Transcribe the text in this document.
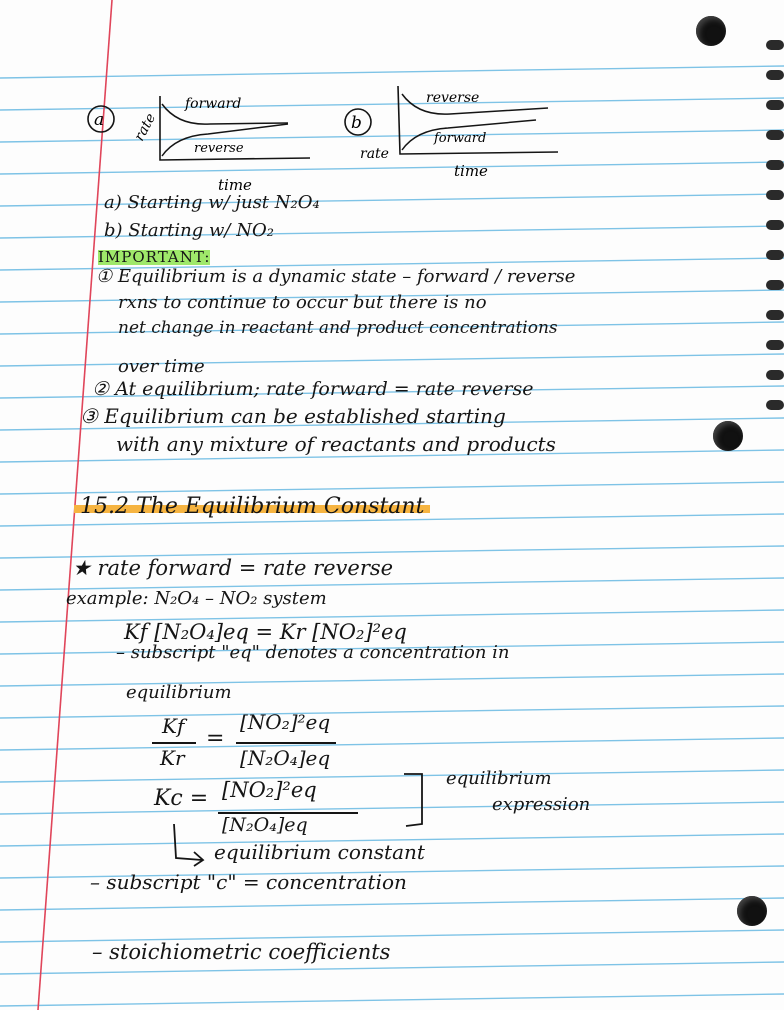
a rate
forward
reverse
time
b
rate
reverse
forward
time
a) Starting w/ just N₂O₄
b) Starting w/ NO₂
IMPORTANT:
① Equilibrium is a dynamic state – forward / reverse
rxns to continue to occur but there is no
net change in reactant and product concentrations
over time
② At equilibrium; rate forward = rate reverse
③ Equilibrium can be established starting
with any mixture of reactants and products
15.2 The Equilibrium Constant
★ rate forward = rate reverse
example: N₂O₄ – NO₂ system
Kf [N₂O₄]eq = Kr [NO₂]²eq
– subscript "eq" denotes a concentration in
equilibrium
Kf
Kr
=
[NO₂]²eq
[N₂O₄]eq
Kc = [NO₂]²eq
[N₂O₄]eq
equilibrium
expression
equilibrium constant
– subscript "c" = concentration
– stoichiometric coefficients
